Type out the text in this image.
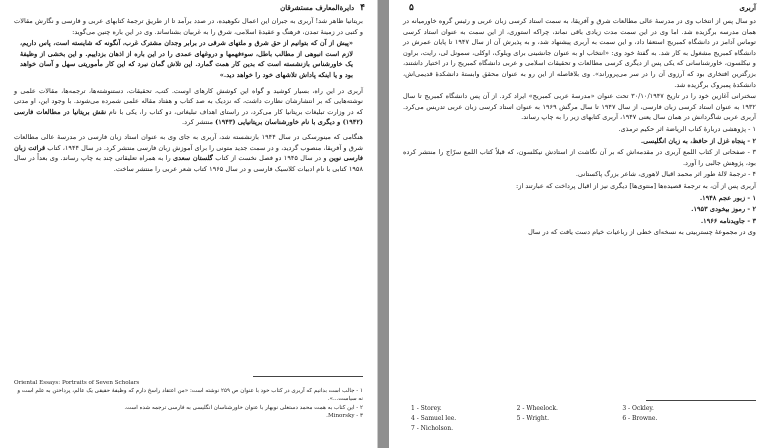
۴
دایرةالمعارف مستشرقان

بریتانیا ظاهر شد! آربری به جبران این اعمال نکوهیده، در صدد برآمد تا از طریق ترجمهٔ کتابهای عربی و فارسی و نگارش مقالات و کتبی در زمینهٔ تمدن، فرهنگ و عقیدهٔ اسلامی، شرق را به غربیان بشناساند. وی در این باره چنین می‌گوید:

«پیش از آن که بتوانیم از حق شرق و ملتهای شرقی در برابر وجدان مشترک غرب، آنگونه که شایسته است، پاس داریم، لازم است انبوهی از مطالب باطل، سوءفهمها و دروغهای عمدی را در این باره از اذهان بزداییم. و این بخشی از وظیفهٔ یک خاورشناس بازنشسته است که بدین کار همت گمارد. این تلاش گمان نبرد که این کار مأموریتی سهل و آسان خواهد بود و یا اینکه پاداش تلاشهای خود را خواهد دید.»

آربری در این راه، بسیار کوشید و گواه این کوشش کارهای اوست. کتب، تحقیقات، دستنوشته‌ها، ترجمه‌ها، مقالات علمی و نوشته‌هایی که بر انتشارشان نظارت داشت، که نزدیک به صد کتاب و هفتاد مقاله علمی شمرده می‌شوند. با وجود این، او مدتی که در وزارت تبلیغات بریتانیا کار می‌کرد، در راستای اهداف تبلیغاتی، دو کتاب را، یکی با نام نقش بریتانیا در مطالعات فارسی (۱۹۴۲) و دیگری با نام خاورشناسان بریتانیایی (۱۹۴۳) منتشر کرد.

هنگامی که مینورسکی در سال ۱۹۴۴ بازنشسته شد، آربری به جای وی به عنوان استاد زبان فارسی در مدرسهٔ عالی مطالعات شرق و آفریقا، منصوب گردید، و در سمت جدید متونی را برای آموزش زبان فارسی منتشر کرد. در سال ۱۹۴۴، کتاب قرائت زبان فارسی نوین و در سال ۱۹۴۵ دو فصل نخست از کتاب گلستان سعدی را به همراه تعلیقاتی چند به چاپ رساند. وی بعداً در سال ۱۹۵۸ کتابی با نام ادبیات کلاسیک فارسی و در سال ۱۹۶۵ کتاب شعر عربی را منتشر ساخت.

Oriental Essays: Portraits of Seven Scholars
۱ - جالب است بدانیم که آربری در کتاب خود با عنوان ص ۲۵۹ نوشته است: «من اعتقاد راسخ دارم که وظیفهٔ حقیقی یک عالم، پرداختن به علم است و نه سیاست...».
۲ - این کتاب به همت محمد دستغلی نوبهار با عنوان خاورشناسان انگلیسی به فارسی ترجمه شده است.
۳ - Minorsky.
آربری
۵

دو سال پس از انتخاب وی در مدرسهٔ عالی مطالعات شرق و آفریقا، به سمت استاد کرسی زبان عربی و رئیس گروه خاورمیانه در همان مدرسه برگزیده شد. اما وی در این سمت مدت زیادی باقی نماند، چراکه استوری، از این سمت به عنوان استاد کرسی توماس آدامز در دانشگاه کمبریج استعفا داد، و این سمت به آربری پیشنهاد شد، و به پذیرش آن از سال ۱۹۴۷ تا پایان عمرش در دانشگاه کمبریج مشغول به کار شد. به گفتهٔ خود وی: «انتخاب او به عنوان جانشینی برای ویلوک، اوکلی، سمونل لی، رایت، براون و نیکلسون، خاورشناسانی که یکی پس از دیگری کرسی مطالعات و تحقیقات اسلامی و عربی دانشگاه کمبریج را در اختیار داشتند، بزرگترین افتخاری بود که آرزوی آن را در سر می‌پروراند». وی بلافاصله از این رو به عنوان محقق وابستهٔ دانشکدهٔ قدیمی‌اش، دانشکدهٔ پمبروک برگزیده شد.

سخنرانی آغازین خود را در تاریخ ۳۰/۱۰/۱۹۴۷ تحت عنوان «مدرسهٔ عربی کمبریج» ایراد کرد. از آن پس دانشگاه کمبریج تا سال ۱۹۳۲ به عنوان استاد کرسی زبان فارسی، از سال ۱۹۴۷ تا سال مرگش ۱۹۶۹ به عنوان استاد کرسی زبان عربی تدریس می‌کرد. آربری عربی شاگردانش در همان سال یعنی ۱۹۴۷، آربری کتابهای زیر را به چاپ رساند.

۱ - پژوهشی دربارهٔ کتاب الریاضة اثر حکیم ترمذی.

۲ - پنجاه غزل از حافظ، به زبان انگلیسی.

۳ - صفحاتی از کتاب اللمع آربری در مقدمه‌اش که بر آن نگاشت از استادش نیکلسون، که قبلاً کتاب اللمع سرّاج را منتشر کرده بود، پژوهش جالبی را آورد.

۴ - ترجمهٔ لالهٔ طور اثر محمد اقبال لاهوری، شاعر بزرگ پاکستانی.

آربری پس از آن، به ترجمهٔ قصیده‌ها [منتوی‌ها] دیگری نیز از اقبال پرداخت که عبارتند از:

۱ - زبور عجم ۱۹۴۸.

۲ - رموز بیخودی ۱۹۵۳.

۳ - جاویدنامه ۱۹۶۶.

وی در مجموعهٔ چستربیتی به نسخه‌ای خطی از رباعیات خیام دست یافت که در سال

1 - Storey.	2 - Wheelock.	3 - Ockley.
4 - Samuel lee.	5 - Wright.	6 - Browne.
7 - Nicholson.
